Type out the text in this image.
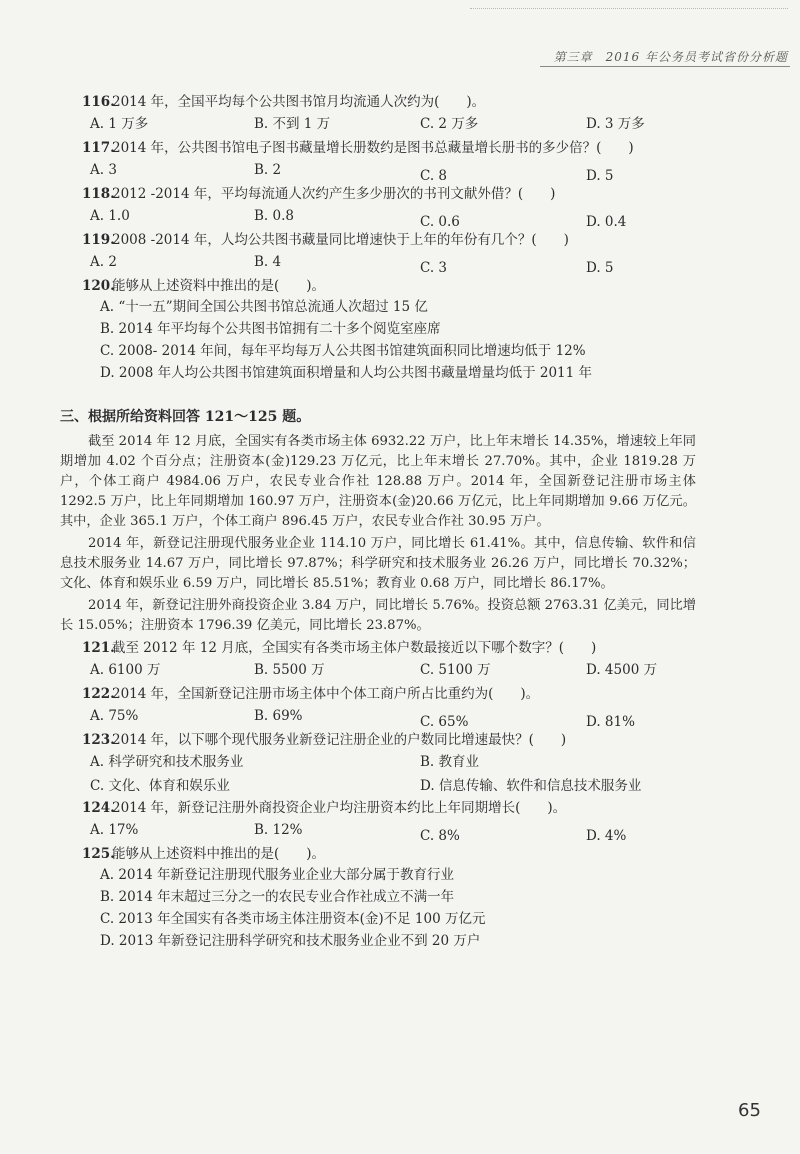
第三章　2016 年公务员考试省份分析题
116.2014 年，全国平均每个公共图书馆月均流通人次约为(　　)。
A. 1 万多	B. 不到 1 万	C. 2 万多	D. 3 万多
117.2014 年，公共图书馆电子图书藏量增长册数约是图书总藏量增长册书的多少倍？(　　)
A. 3	B. 2	C. 8	D. 5
118.2012 -2014 年，平均每流通人次约产生多少册次的书刊文献外借？(　　)
A. 1.0	B. 0.8	C. 0.6	D. 0.4
119.2008 -2014 年，人均公共图书藏量同比增速快于上年的年份有几个？(　　)
A. 2	B. 4	C. 3	D. 5
120.能够从上述资料中推出的是(　　)。
A. “十一五”期间全国公共图书馆总流通人次超过 15 亿
B. 2014 年平均每个公共图书馆拥有二十多个阅览室座席
C. 2008- 2014 年间，每年平均每万人公共图书馆建筑面积同比增速均低于 12%
D. 2008 年人均公共图书馆建筑面积增量和人均公共图书藏量增量均低于 2011 年
三、根据所给资料回答 121～125 题。

截至 2014 年 12 月底，全国实有各类市场主体 6932.22 万户，比上年末增长 14.35%，增速较上年同期增加 4.02 个百分点；注册资本(金)129.23 万亿元，比上年末增长 27.70%。其中，企业 1819.28 万户，个体工商户 4984.06 万户，农民专业合作社 128.88 万户。2014 年，全国新登记注册市场主体 1292.5 万户，比上年同期增加 160.97 万户，注册资本(金)20.66 万亿元，比上年同期增加 9.66 万亿元。其中，企业 365.1 万户，个体工商户 896.45 万户，农民专业合作社 30.95 万户。

2014 年，新登记注册现代服务业企业 114.10 万户，同比增长 61.41%。其中，信息传输、软件和信息技术服务业 14.67 万户，同比增长 97.87%；科学研究和技术服务业 26.26 万户，同比增长 70.32%；文化、体育和娱乐业 6.59 万户，同比增长 85.51%；教育业 0.68 万户，同比增长 86.17%。

2014 年，新登记注册外商投资企业 3.84 万户，同比增长 5.76%。投资总额 2763.31 亿美元，同比增长 15.05%；注册资本 1796.39 亿美元，同比增长 23.87%。

121.截至 2012 年 12 月底，全国实有各类市场主体户数最接近以下哪个数字？(　　)
A. 6100 万	B. 5500 万	C. 5100 万	D. 4500 万
122.2014 年，全国新登记注册市场主体中个体工商户所占比重约为(　　)。
A. 75%	B. 69%	C. 65%	D. 81%
123.2014 年，以下哪个现代服务业新登记注册企业的户数同比增速最快？(　　)
A. 科学研究和技术服务业	B. 教育业
C. 文化、体育和娱乐业	D. 信息传输、软件和信息技术服务业
124.2014 年，新登记注册外商投资企业户均注册资本约比上年同期增长(　　)。
A. 17%	B. 12%	C. 8%	D. 4%
125.能够从上述资料中推出的是(　　)。
A. 2014 年新登记注册现代服务业企业大部分属于教育行业
B. 2014 年末超过三分之一的农民专业合作社成立不满一年
C. 2013 年全国实有各类市场主体注册资本(金)不足 100 万亿元
D. 2013 年新登记注册科学研究和技术服务业企业不到 20 万户
65
